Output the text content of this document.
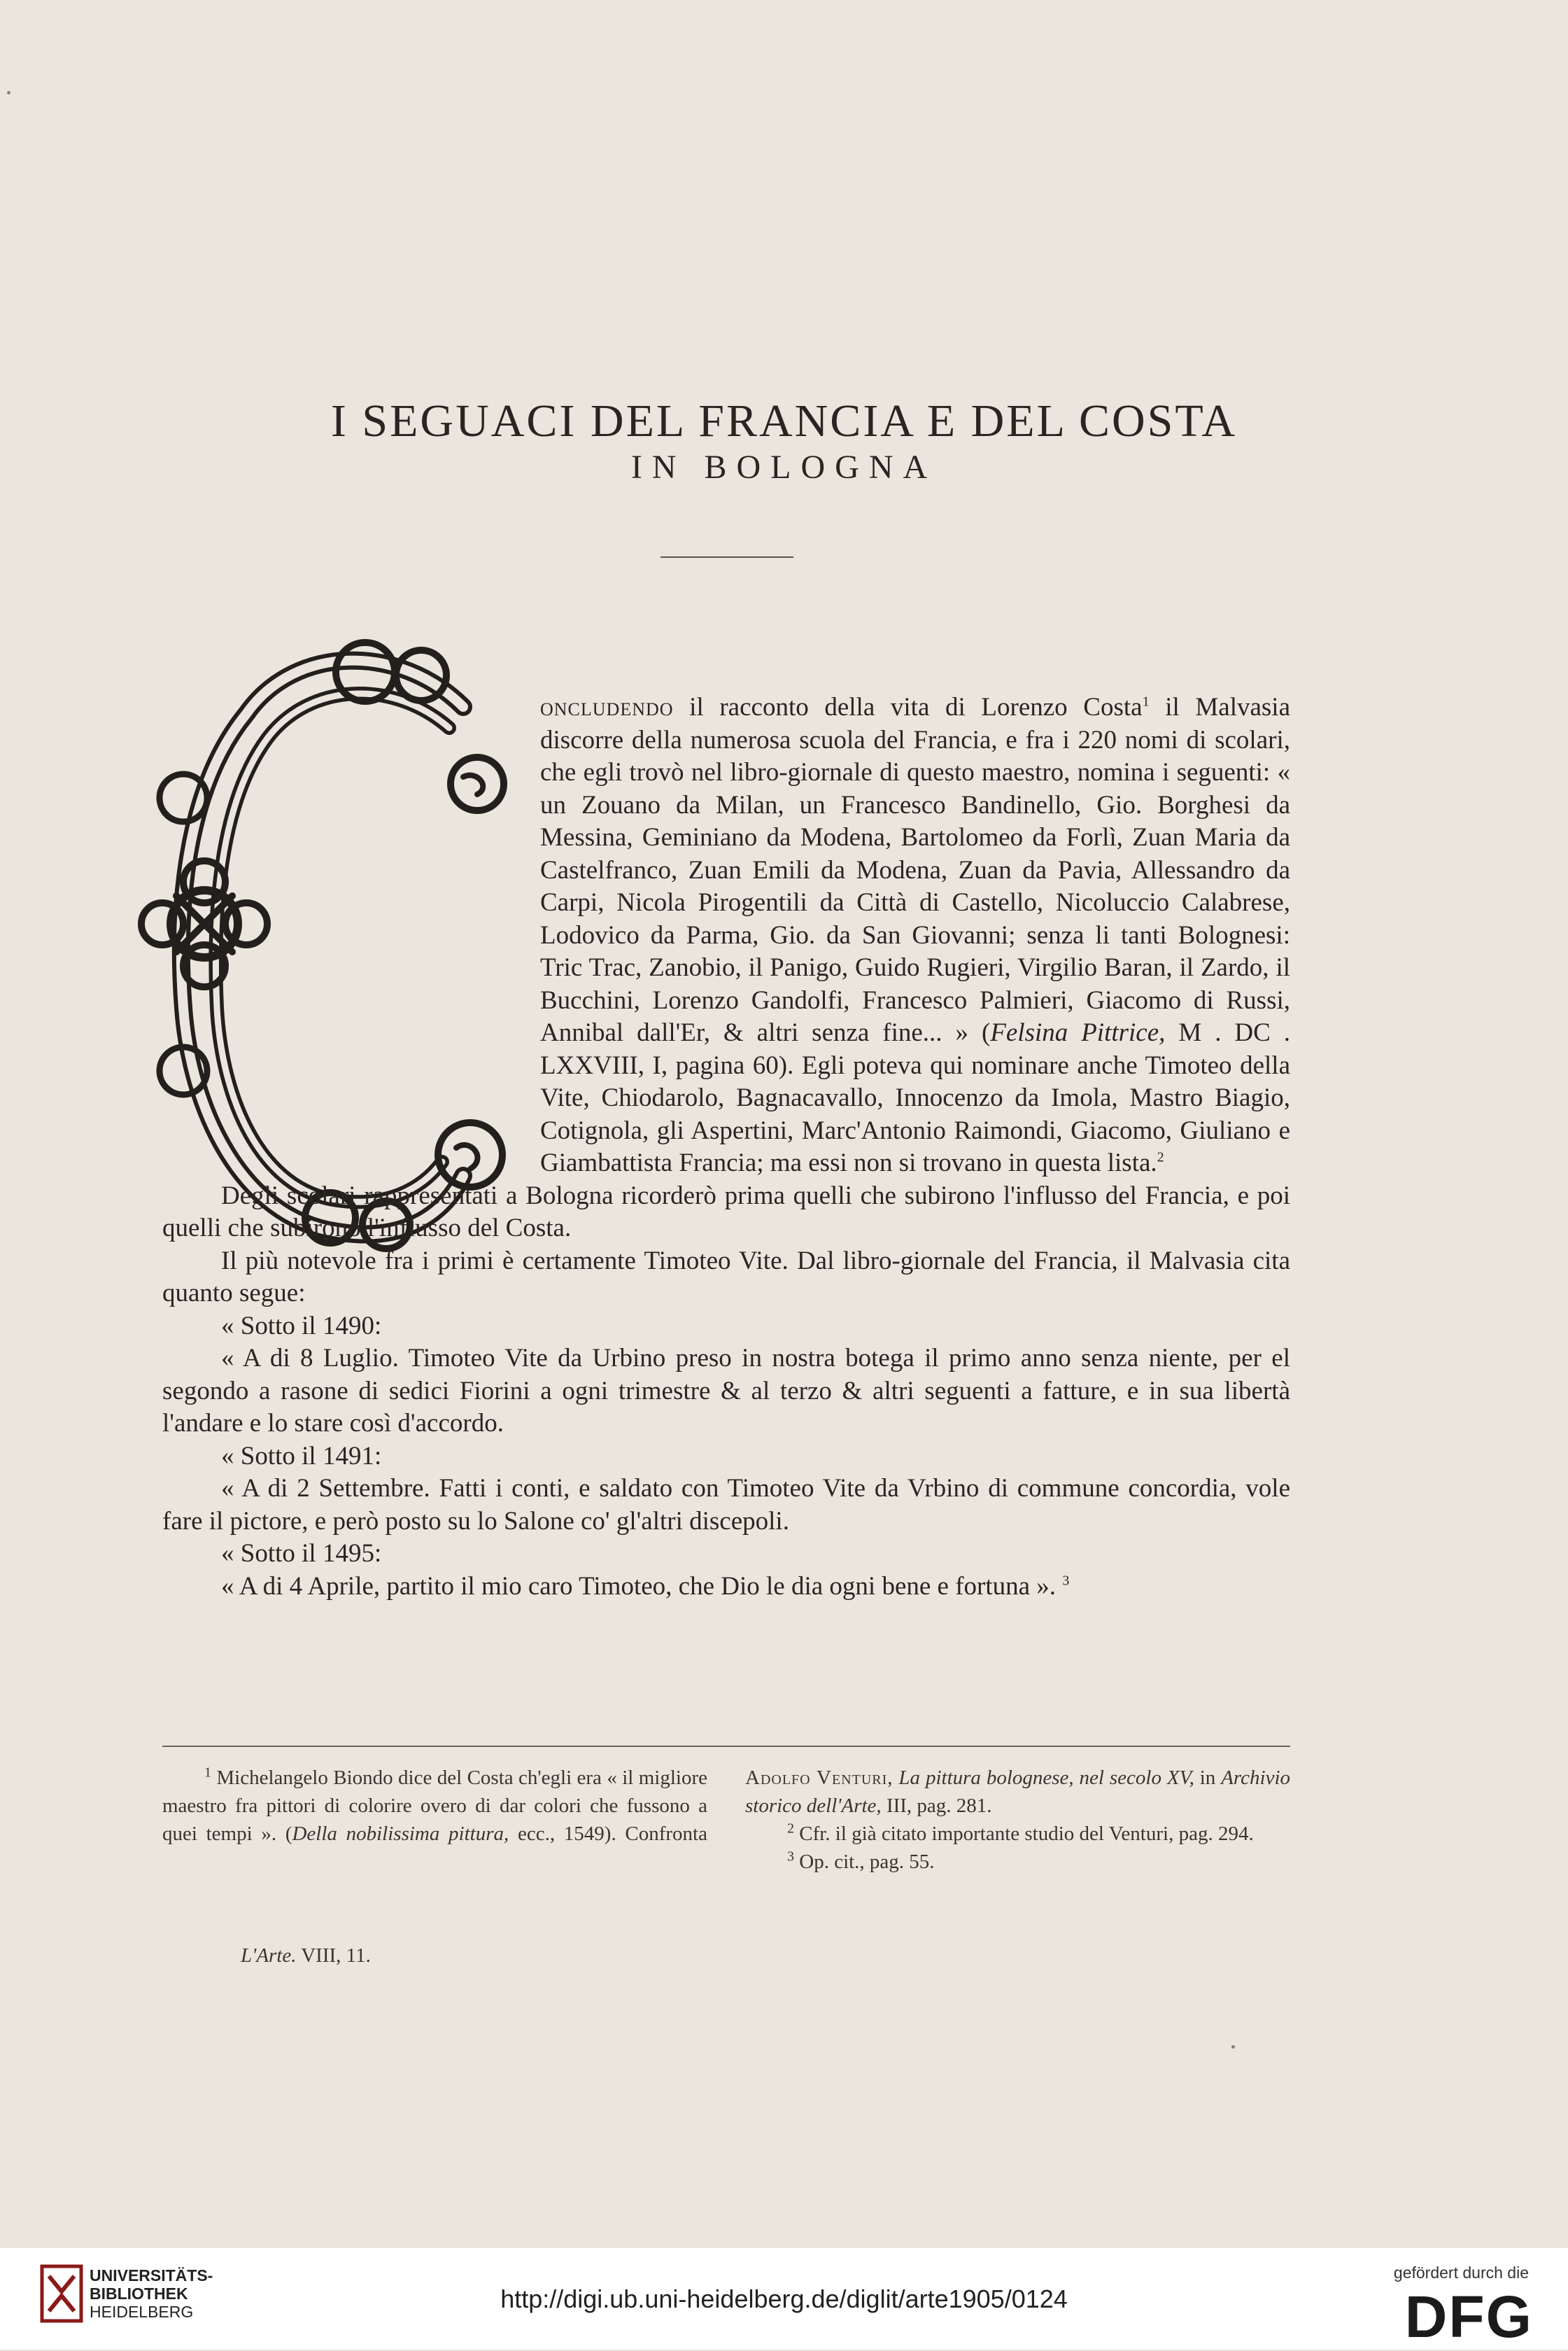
I SEGUACI DEL FRANCIA E DEL COSTA
IN BOLOGNA

oncludendo il racconto della vita di Lorenzo Costa$^1$ il Malvasia discorre della numerosa scuola del Francia, e fra i 220 nomi di scolari, che egli trovò nel libro-giornale di questo maestro, nomina i seguenti: « un Zouano da Milan, un Francesco Bandinello, Gio. Borghesi da Messina, Geminiano da Modena, Bartolomeo da Forlì, Zuan Maria da Castelfranco, Zuan Emili da Modena, Zuan da Pavia, Allessandro da Carpi, Nicola Pirogentili da Città di Castello, Nicoluccio Calabrese, Lodovico da Parma, Gio. da San Giovanni; senza li tanti Bolognesi: Tric Trac, Zanobio, il Panigo, Guido Rugieri, Virgilio Baran, il Zardo, il Bucchini, Lorenzo Gandolfi, Francesco Palmieri, Giacomo di Russi, Annibal dall'Er, & altri senza fine... » (Felsina Pittrice, M . DC . LXXVIII, I, pagina 60). Egli poteva qui nominare anche Timoteo della Vite, Chiodarolo, Bagnacavallo, Innocenzo da Imola, Mastro Biagio, Cotignola, gli Aspertini, Marc'Antonio Raimondi, Giacomo, Giuliano e Giambattista Francia; ma essi non si trovano in questa lista.$^2$

Degli scolari rappresentati a Bologna ricorderò prima quelli che subirono l'influsso del Francia, e poi quelli che subirono l'influsso del Costa.

Il più notevole fra i primi è certamente Timoteo Vite. Dal libro-giornale del Francia, il Malvasia cita quanto segue:

« Sotto il 1490:

« A di 8 Luglio. Timoteo Vite da Urbino preso in nostra botega il primo anno senza niente, per el segondo a rasone di sedici Fiorini a ogni trimestre & al terzo & altri seguenti a fatture, e in sua libertà l'andare e lo stare così d'accordo.

« Sotto il 1491:

« A di 2 Settembre. Fatti i conti, e saldato con Timoteo Vite da Vrbino di commune concordia, vole fare il pictore, e però posto su lo Salone co' gl'altri discepoli.

« Sotto il 1495:

« A di 4 Aprile, partito il mio caro Timoteo, che Dio le dia ogni bene e fortuna ». $^3$

$^1$ Michelangelo Biondo dice del Costa ch'egli era « il migliore maestro fra pittori di colorire overo di dar colori che fussono a quei tempi ». (Della nobilissima pittura, ecc., 1549). Confronta Adolfo Venturi, La pittura bolognese, nel secolo XV, in Archivio storico dell'Arte, III, pag. 281.

$^2$ Cfr. il già citato importante studio del Venturi, pag. 294.

$^3$ Op. cit., pag. 55.

L'Arte. VIII, 11.
UNIVERSITÄTS-
BIBLIOTHEK
HEIDELBERG	http://digi.ub.uni-heidelberg.de/diglit/arte1905/0124
gefördert durch die
DFG
